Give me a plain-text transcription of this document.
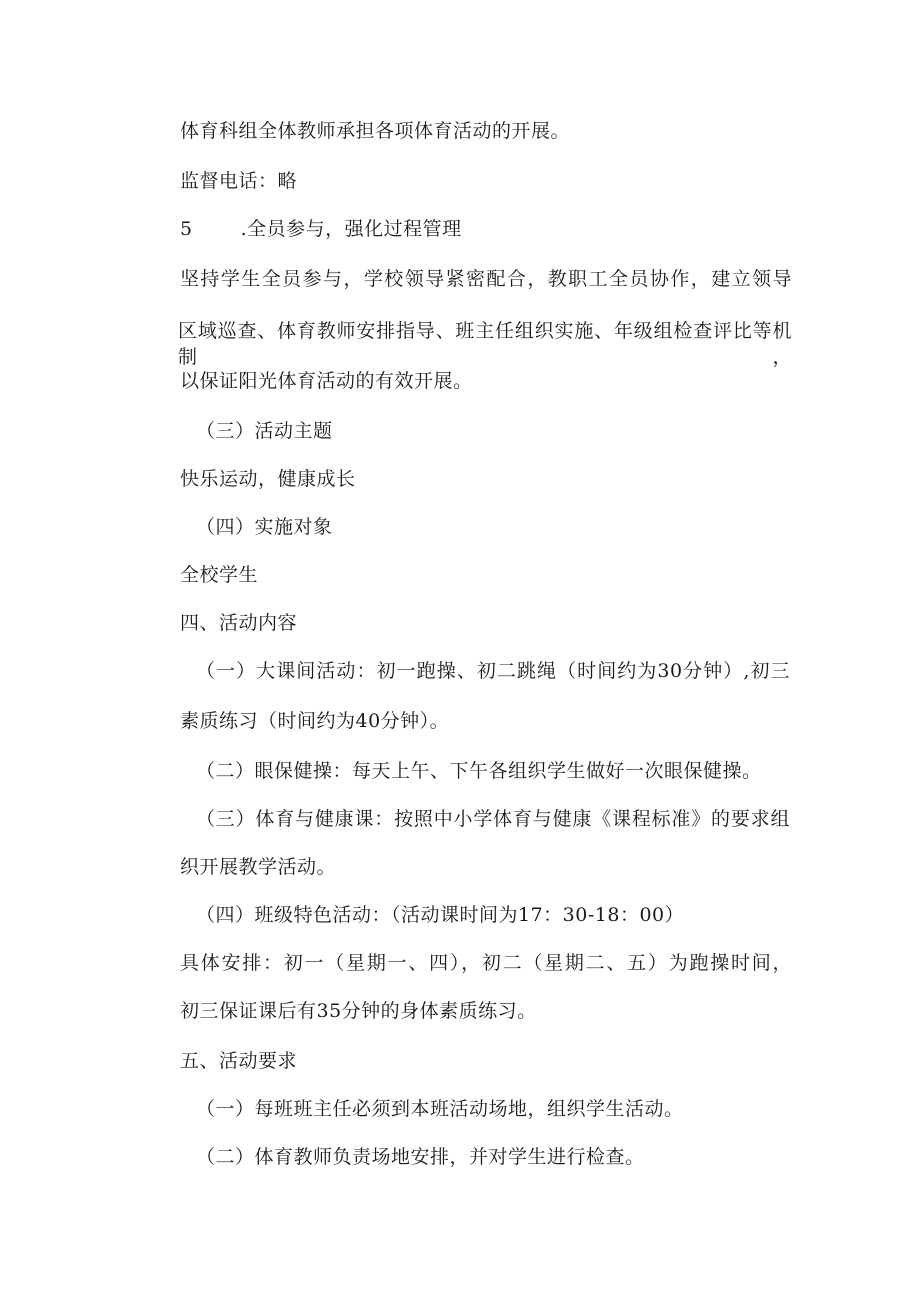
体育科组全体教师承担各项体育活动的开展。
监督电话：略
5	.全员参与，强化过程管理
坚持学生全员参与，学校领导紧密配合，教职工全员协作，建立领导
区域巡查、体育教师安排指导、班主任组织实施、年级组检查评比等机制，
以保证阳光体育活动的有效开展。
（三）活动主题
快乐运动，健康成长
（四）实施对象
全校学生
四、活动内容
（一）大课间活动：初一跑操、初二跳绳（时间约为30分钟）,初三
素质练习（时间约为40分钟）。
（二）眼保健操：每天上午、下午各组织学生做好一次眼保健操。
（三）体育与健康课：按照中小学体育与健康《课程标准》的要求组
织开展教学活动。
（四）班级特色活动：（活动课时间为17：30-18：00）
具体安排：初一（星期一、四），初二（星期二、五）为跑操时间，
初三保证课后有35分钟的身体素质练习。
五、活动要求
（一）每班班主任必须到本班活动场地，组织学生活动。
（二）体育教师负责场地安排，并对学生进行检查。
